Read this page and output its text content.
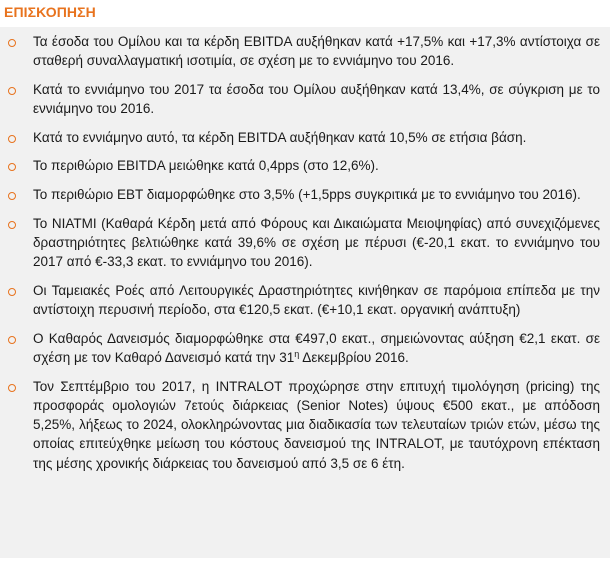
ΕΠΙΣΚΟΠΗΣΗ
Τα έσοδα του Ομίλου και τα κέρδη EBITDA αυξήθηκαν κατά +17,5% και +17,3% αντίστοιχα σε σταθερή συναλλαγματική ισοτιμία, σε σχέση με το εννιάμηνο του 2016.
Κατά το εννιάμηνο του 2017 τα έσοδα του Ομίλου αυξήθηκαν κατά 13,4%, σε σύγκριση με το εννιάμηνο του 2016.
Κατά το εννιάμηνο αυτό, τα κέρδη EBITDA αυξήθηκαν κατά 10,5% σε ετήσια βάση.
Το περιθώριο EBITDA μειώθηκε κατά 0,4pps (στο 12,6%).
Το περιθώριο EBT διαμορφώθηκε στο 3,5% (+1,5pps συγκριτικά με το εννιάμηνο του 2016).
Το NIATMI (Καθαρά Κέρδη μετά από Φόρους και Δικαιώματα Μειοψηφίας) από συνεχιζόμενες δραστηριότητες βελτιώθηκε κατά 39,6% σε σχέση με πέρυσι (€-20,1 εκατ. το εννιάμηνο του 2017 από €-33,3 εκατ. το εννιάμηνο του 2016).
Οι Ταμειακές Ροές από Λειτουργικές Δραστηριότητες κινήθηκαν σε παρόμοια επίπεδα με την αντίστοιχη περυσινή περίοδο, στα €120,5 εκατ. (€+10,1 εκατ. οργανική ανάπτυξη)
Ο Καθαρός Δανεισμός διαμορφώθηκε στα €497,0 εκατ., σημειώνοντας αύξηση €2,1 εκατ. σε σχέση με τον Καθαρό Δανεισμό κατά την $31^\eta$ Δεκεμβρίου 2016.
Τον Σεπτέμβριο του 2017, η INTRALOT προχώρησε στην επιτυχή τιμολόγηση (pricing) της προσφοράς ομολογιών 7ετούς διάρκειας (Senior Notes) ύψους €500 εκατ., με απόδοση 5,25%, λήξεως το 2024, ολοκληρώνοντας μια διαδικασία των τελευταίων τριών ετών, μέσω της οποίας επιτεύχθηκε μείωση του κόστους δανεισμού της INTRALOT, με ταυτόχρονη επέκταση της μέσης χρονικής διάρκειας του δανεισμού από 3,5 σε 6 έτη.
